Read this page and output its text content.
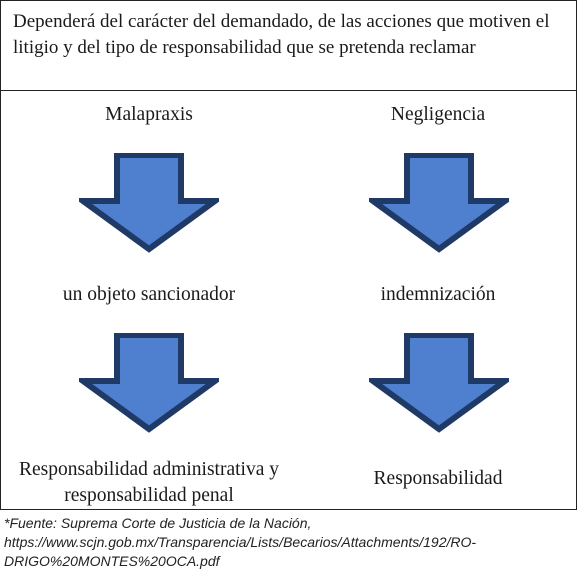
Dependerá del carácter del demandado, de las acciones que motiven el litigio y del tipo de responsabilidad que se pretenda reclamar
Malapraxis
un objeto sancionador
Responsabilidad administrativa y
responsabilidad penal
Negligencia
indemnización
Responsabilidad
*Fuente: Suprema Corte de Justicia de la Nación,
https://www.scjn.gob.mx/Transparencia/Lists/Becarios/Attachments/192/RO-
DRIGO%20MONTES%20OCA.pdf
